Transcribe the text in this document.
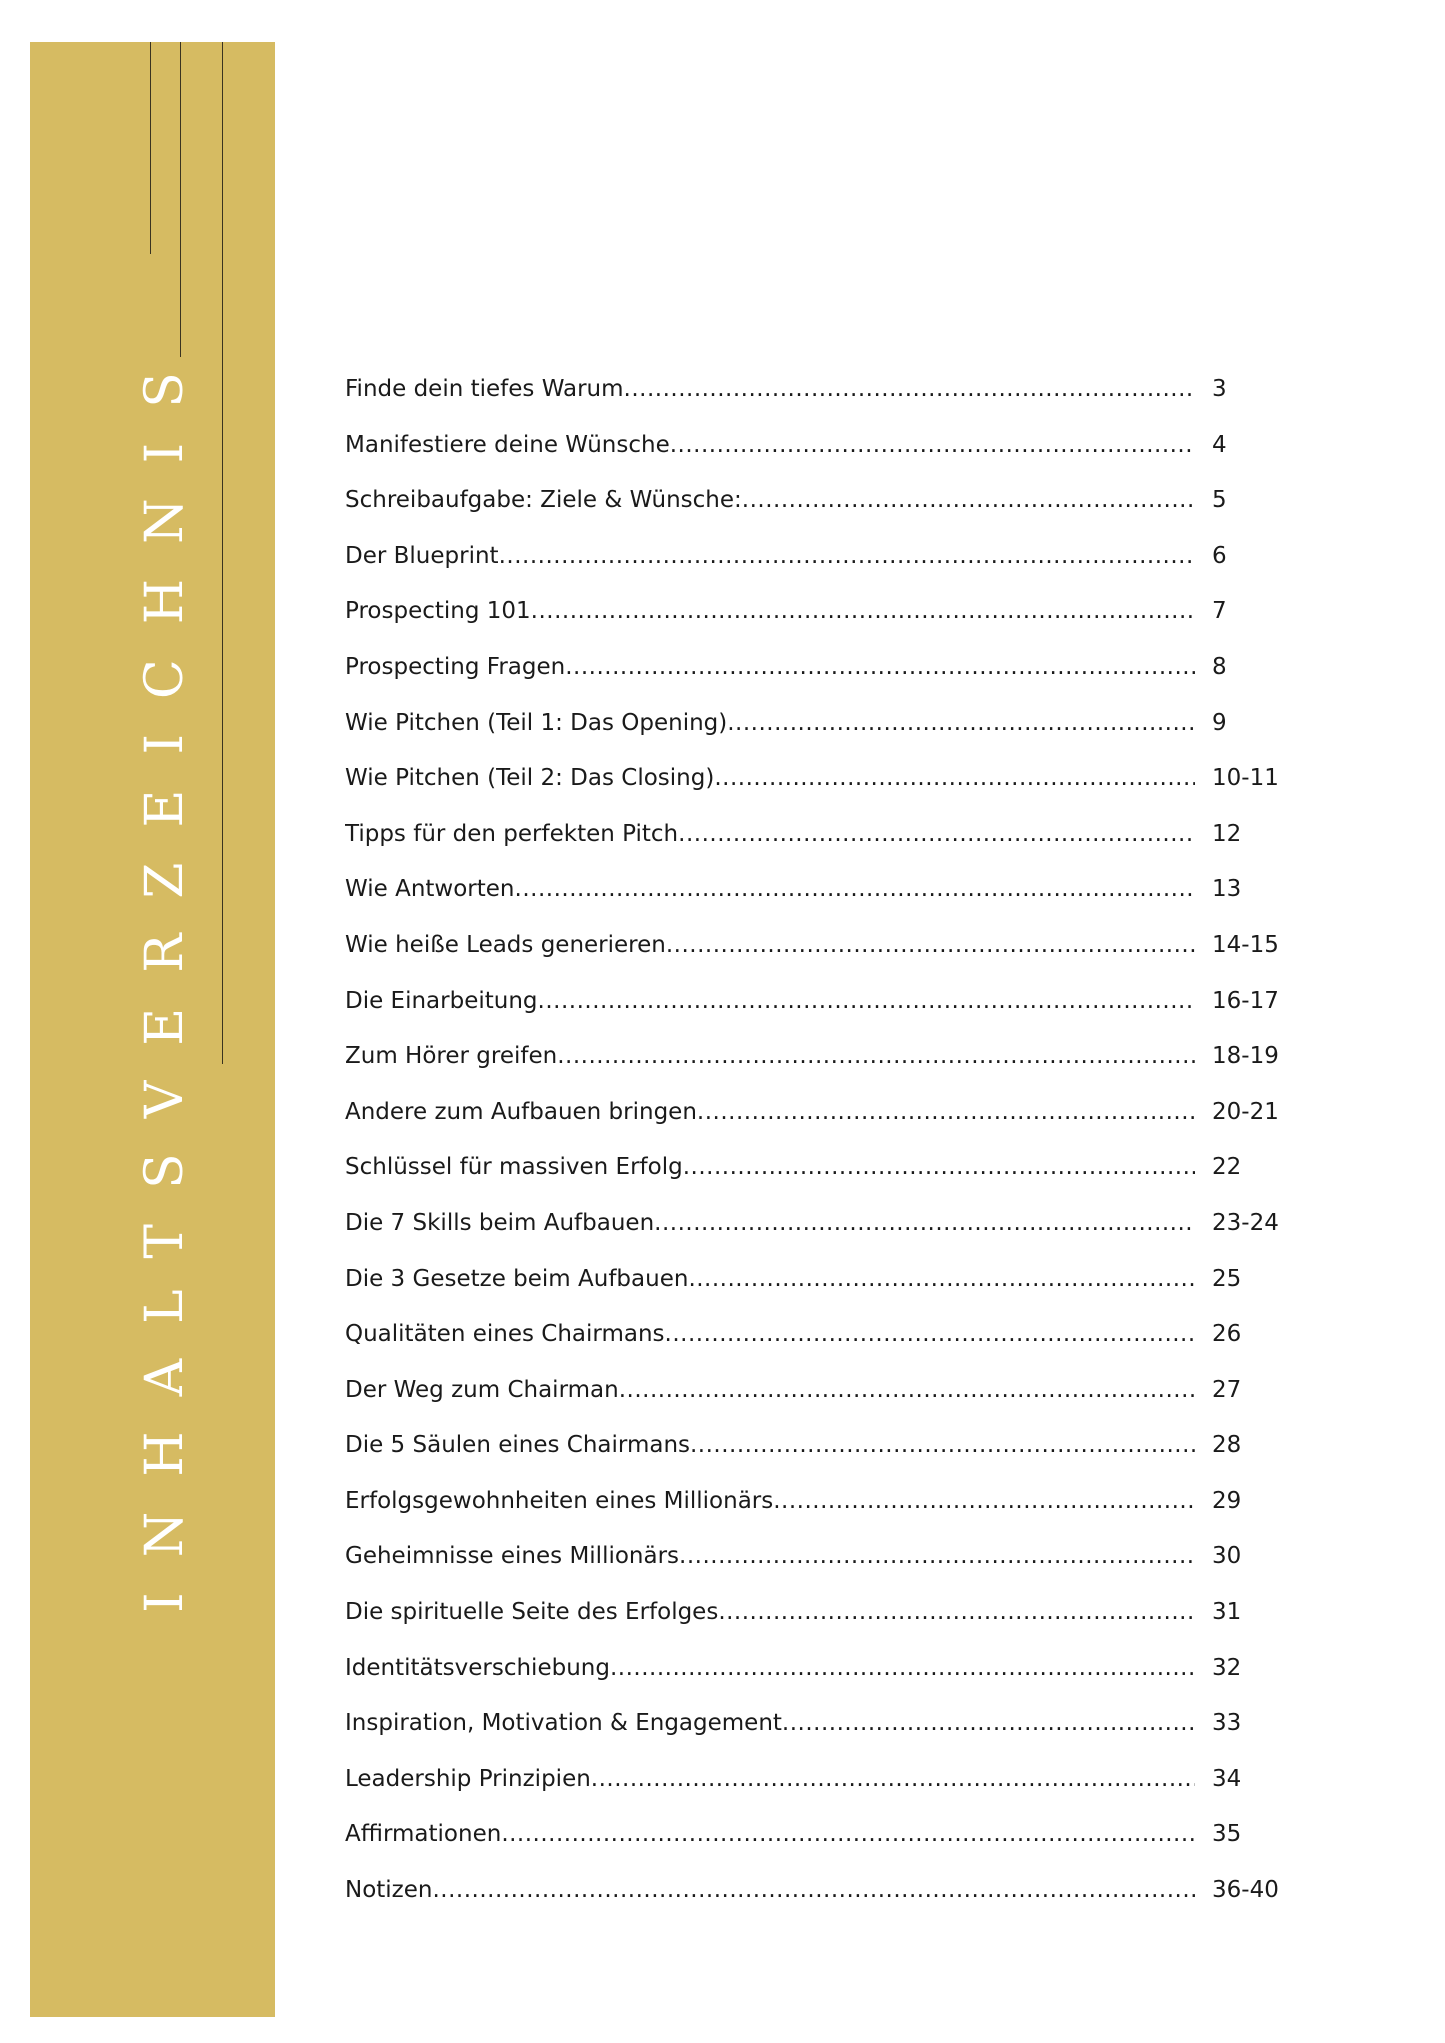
INHALTSVERZEICHNIS	Finde dein tiefes Warum .....	3
Manifestiere deine Wünsche .....	4
Schreibaufgabe: Ziele & Wünsche: .....	5
Der Blueprint .....	6
Prospecting 101 .....	7
Prospecting Fragen .....	8
Wie Pitchen (Teil 1: Das Opening) .....	9
Wie Pitchen (Teil 2: Das Closing) .....	10-11
Tipps für den perfekten Pitch .....	12
Wie Antworten .....	13
Wie heiße Leads generieren .....	14-15
Die Einarbeitung .....	16-17
Zum Hörer greifen .....	18-19
Andere zum Aufbauen bringen .....	20-21
Schlüssel für massiven Erfolg .....	22
Die 7 Skills beim Aufbauen .....	23-24
Die 3 Gesetze beim Aufbauen .....	25
Qualitäten eines Chairmans .....	26
Der Weg zum Chairman .....	27
Die 5 Säulen eines Chairmans .....	28
Erfolgsgewohnheiten eines Millionärs .....	29
Geheimnisse eines Millionärs .....	30
Die spirituelle Seite des Erfolges .....	31
Identitätsverschiebung .....	32
Inspiration, Motivation & Engagement .....	33
Leadership Prinzipien .....	34
Affirmationen .....	35
Notizen .....	36-40
